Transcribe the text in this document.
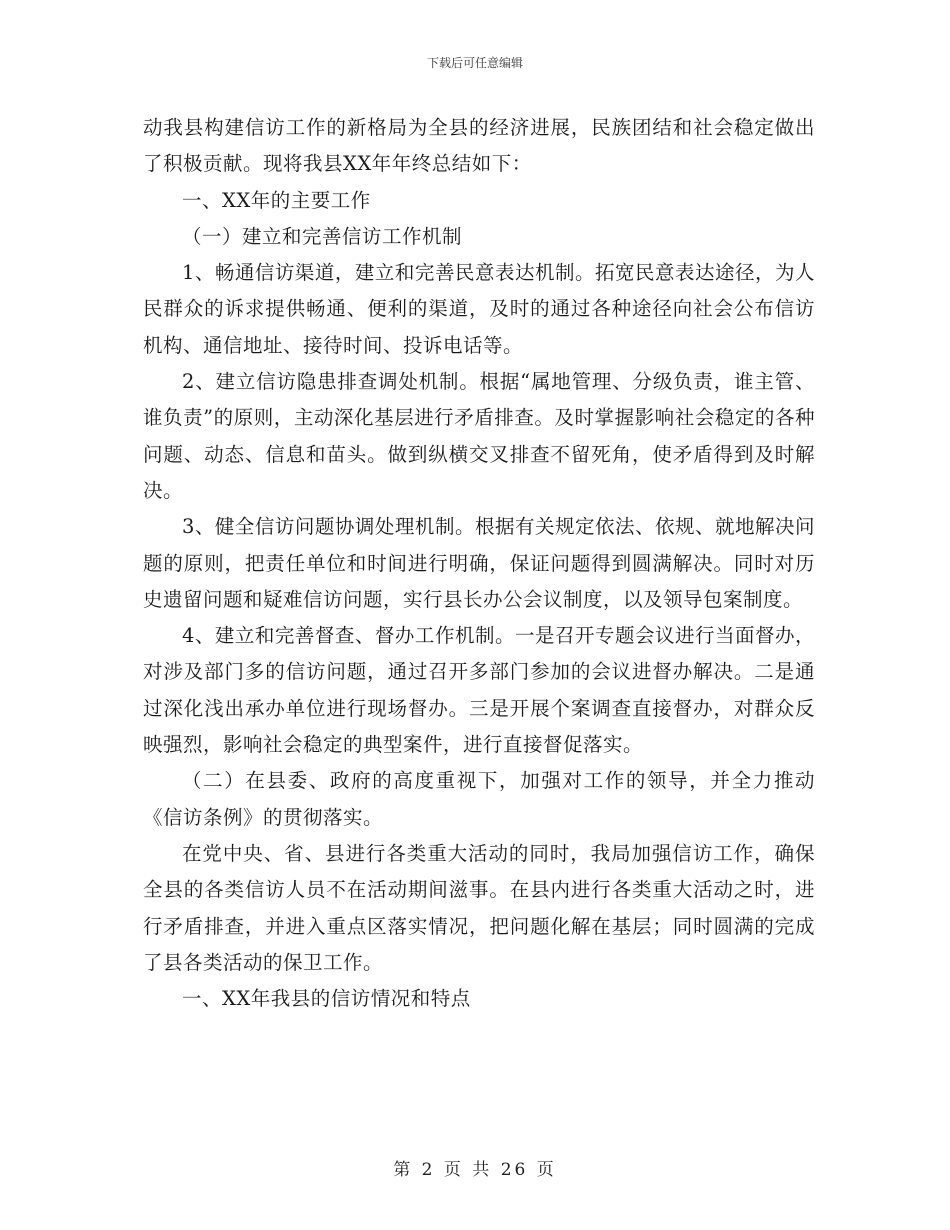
下载后可任意编辑

动我县构建信访工作的新格局为全县的经济进展，民族团结和社会稳定做出了积极贡献。现将我县XX年年终总结如下：

一、XX年的主要工作

（一）建立和完善信访工作机制

1、畅通信访渠道，建立和完善民意表达机制。拓宽民意表达途径，为人民群众的诉求提供畅通、便利的渠道，及时的通过各种途径向社会公布信访机构、通信地址、接待时间、投诉电话等。

2、建立信访隐患排查调处机制。根据“属地管理、分级负责，谁主管、谁负责”的原则，主动深化基层进行矛盾排查。及时掌握影响社会稳定的各种问题、动态、信息和苗头。做到纵横交叉排查不留死角，使矛盾得到及时解决。

3、健全信访问题协调处理机制。根据有关规定依法、依规、就地解决问题的原则，把责任单位和时间进行明确，保证问题得到圆满解决。同时对历史遗留问题和疑难信访问题，实行县长办公会议制度，以及领导包案制度。

4、建立和完善督查、督办工作机制。一是召开专题会议进行当面督办，对涉及部门多的信访问题，通过召开多部门参加的会议进督办解决。二是通过深化浅出承办单位进行现场督办。三是开展个案调查直接督办，对群众反映强烈，影响社会稳定的典型案件，进行直接督促落实。

（二）在县委、政府的高度重视下，加强对工作的领导，并全力推动《信访条例》的贯彻落实。

在党中央、省、县进行各类重大活动的同时，我局加强信访工作，确保全县的各类信访人员不在活动期间滋事。在县内进行各类重大活动之时，进行矛盾排查，并进入重点区落实情况，把问题化解在基层；同时圆满的完成了县各类活动的保卫工作。

一、XX年我县的信访情况和特点

第 2 页 共 26 页
